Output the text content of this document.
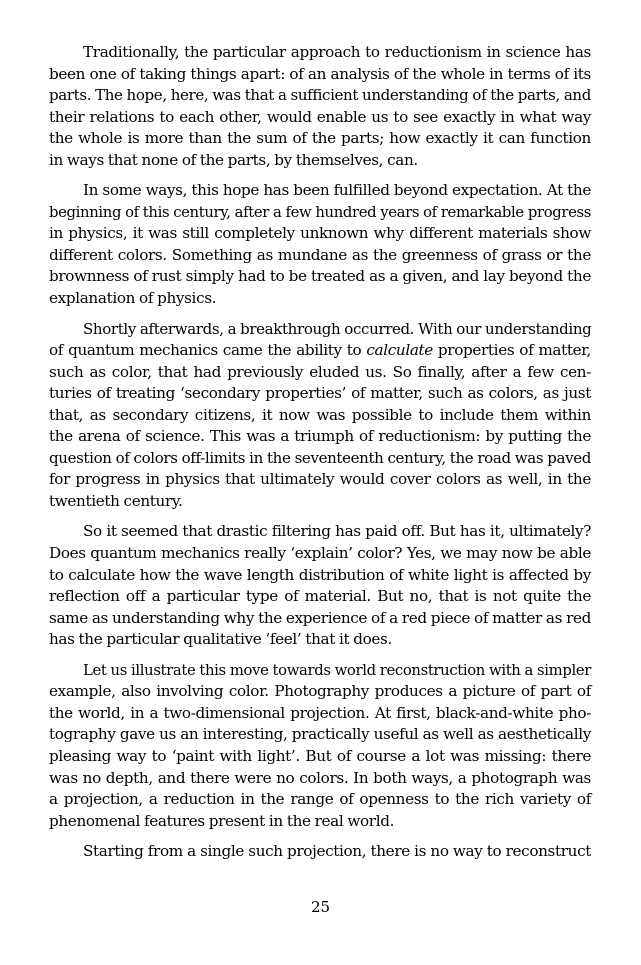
Traditionally, the particular approach to reductionism in science has
been one of taking things apart: of an analysis of the whole in terms of its
parts. The hope, here, was that a sufficient understanding of the parts, and
their relations to each other, would enable us to see exactly in what way
the whole is more than the sum of the parts; how exactly it can function
in ways that none of the parts, by themselves, can.
In some ways, this hope has been fulfilled beyond expectation. At the
beginning of this century, after a few hundred years of remarkable progress
in physics, it was still completely unknown why different materials show
different colors. Something as mundane as the greenness of grass or the
brownness of rust simply had to be treated as a given, and lay beyond the
explanation of physics.
Shortly afterwards, a breakthrough occurred. With our understanding
of quantum mechanics came the ability to calculate properties of matter,
such as color, that had previously eluded us. So finally, after a few cen-
turies of treating ‘secondary properties’ of matter, such as colors, as just
that, as secondary citizens, it now was possible to include them within
the arena of science. This was a triumph of reductionism: by putting the
question of colors off-limits in the seventeenth century, the road was paved
for progress in physics that ultimately would cover colors as well, in the
twentieth century.
So it seemed that drastic filtering has paid off. But has it, ultimately?
Does quantum mechanics really ‘explain’ color? Yes, we may now be able
to calculate how the wave length distribution of white light is affected by
reflection off a particular type of material. But no, that is not quite the
same as understanding why the experience of a red piece of matter as red
has the particular qualitative ‘feel’ that it does.
Let us illustrate this move towards world reconstruction with a simpler
example, also involving color. Photography produces a picture of part of
the world, in a two-dimensional projection. At first, black-and-white pho-
tography gave us an interesting, practically useful as well as aesthetically
pleasing way to ‘paint with light’. But of course a lot was missing: there
was no depth, and there were no colors. In both ways, a photograph was
a projection, a reduction in the range of openness to the rich variety of
phenomenal features present in the real world.
Starting from a single such projection, there is no way to reconstruct
25
